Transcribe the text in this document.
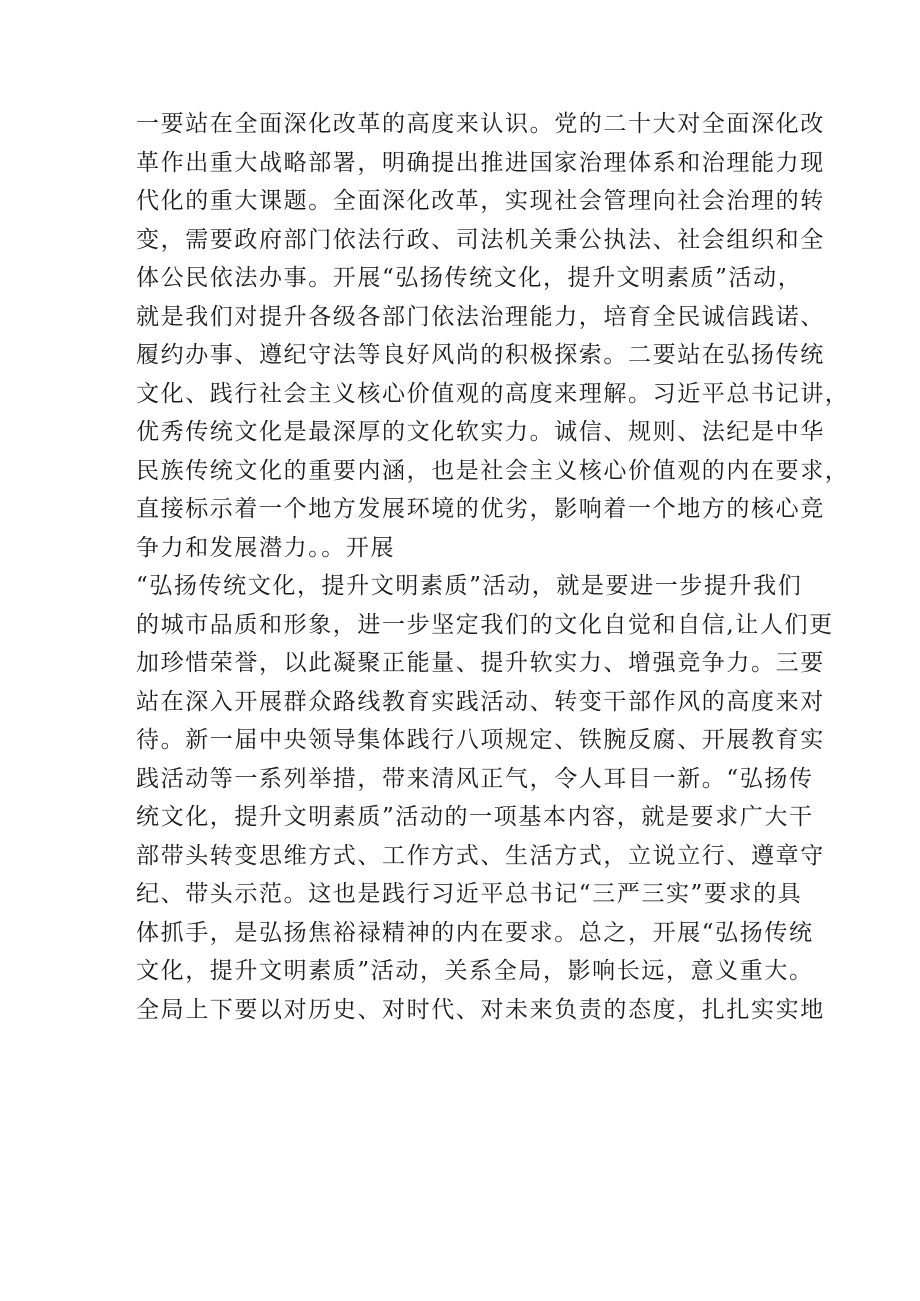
一要站在全面深化改革的高度来认识。党的二十大对全面深化改
革作出重大战略部署，明确提出推进国家治理体系和治理能力现
代化的重大课题。全面深化改革，实现社会管理向社会治理的转
变，需要政府部门依法行政、司法机关秉公执法、社会组织和全
体公民依法办事。开展“弘扬传统文化，提升文明素质”活动，
就是我们对提升各级各部门依法治理能力，培育全民诚信践诺、
履约办事、遵纪守法等良好风尚的积极探索。二要站在弘扬传统
文化、践行社会主义核心价值观的高度来理解。习近平总书记讲，
优秀传统文化是最深厚的文化软实力。诚信、规则、法纪是中华
民族传统文化的重要内涵，也是社会主义核心价值观的内在要求，
直接标示着一个地方发展环境的优劣，影响着一个地方的核心竞
争力和发展潜力。。开展
“弘扬传统文化，提升文明素质”活动，就是要进一步提升我们
的城市品质和形象，进一步坚定我们的文化自觉和自信,让人们更
加珍惜荣誉，以此凝聚正能量、提升软实力、增强竞争力。三要
站在深入开展群众路线教育实践活动、转变干部作风的高度来对
待。新一届中央领导集体践行八项规定、铁腕反腐、开展教育实
践活动等一系列举措，带来清风正气，令人耳目一新。“弘扬传
统文化，提升文明素质”活动的一项基本内容，就是要求广大干
部带头转变思维方式、工作方式、生活方式，立说立行、遵章守
纪、带头示范。这也是践行习近平总书记“三严三实”要求的具
体抓手，是弘扬焦裕禄精神的内在要求。总之，开展“弘扬传统
文化，提升文明素质”活动，关系全局，影响长远，意义重大。
全局上下要以对历史、对时代、对未来负责的态度，扎扎实实地
